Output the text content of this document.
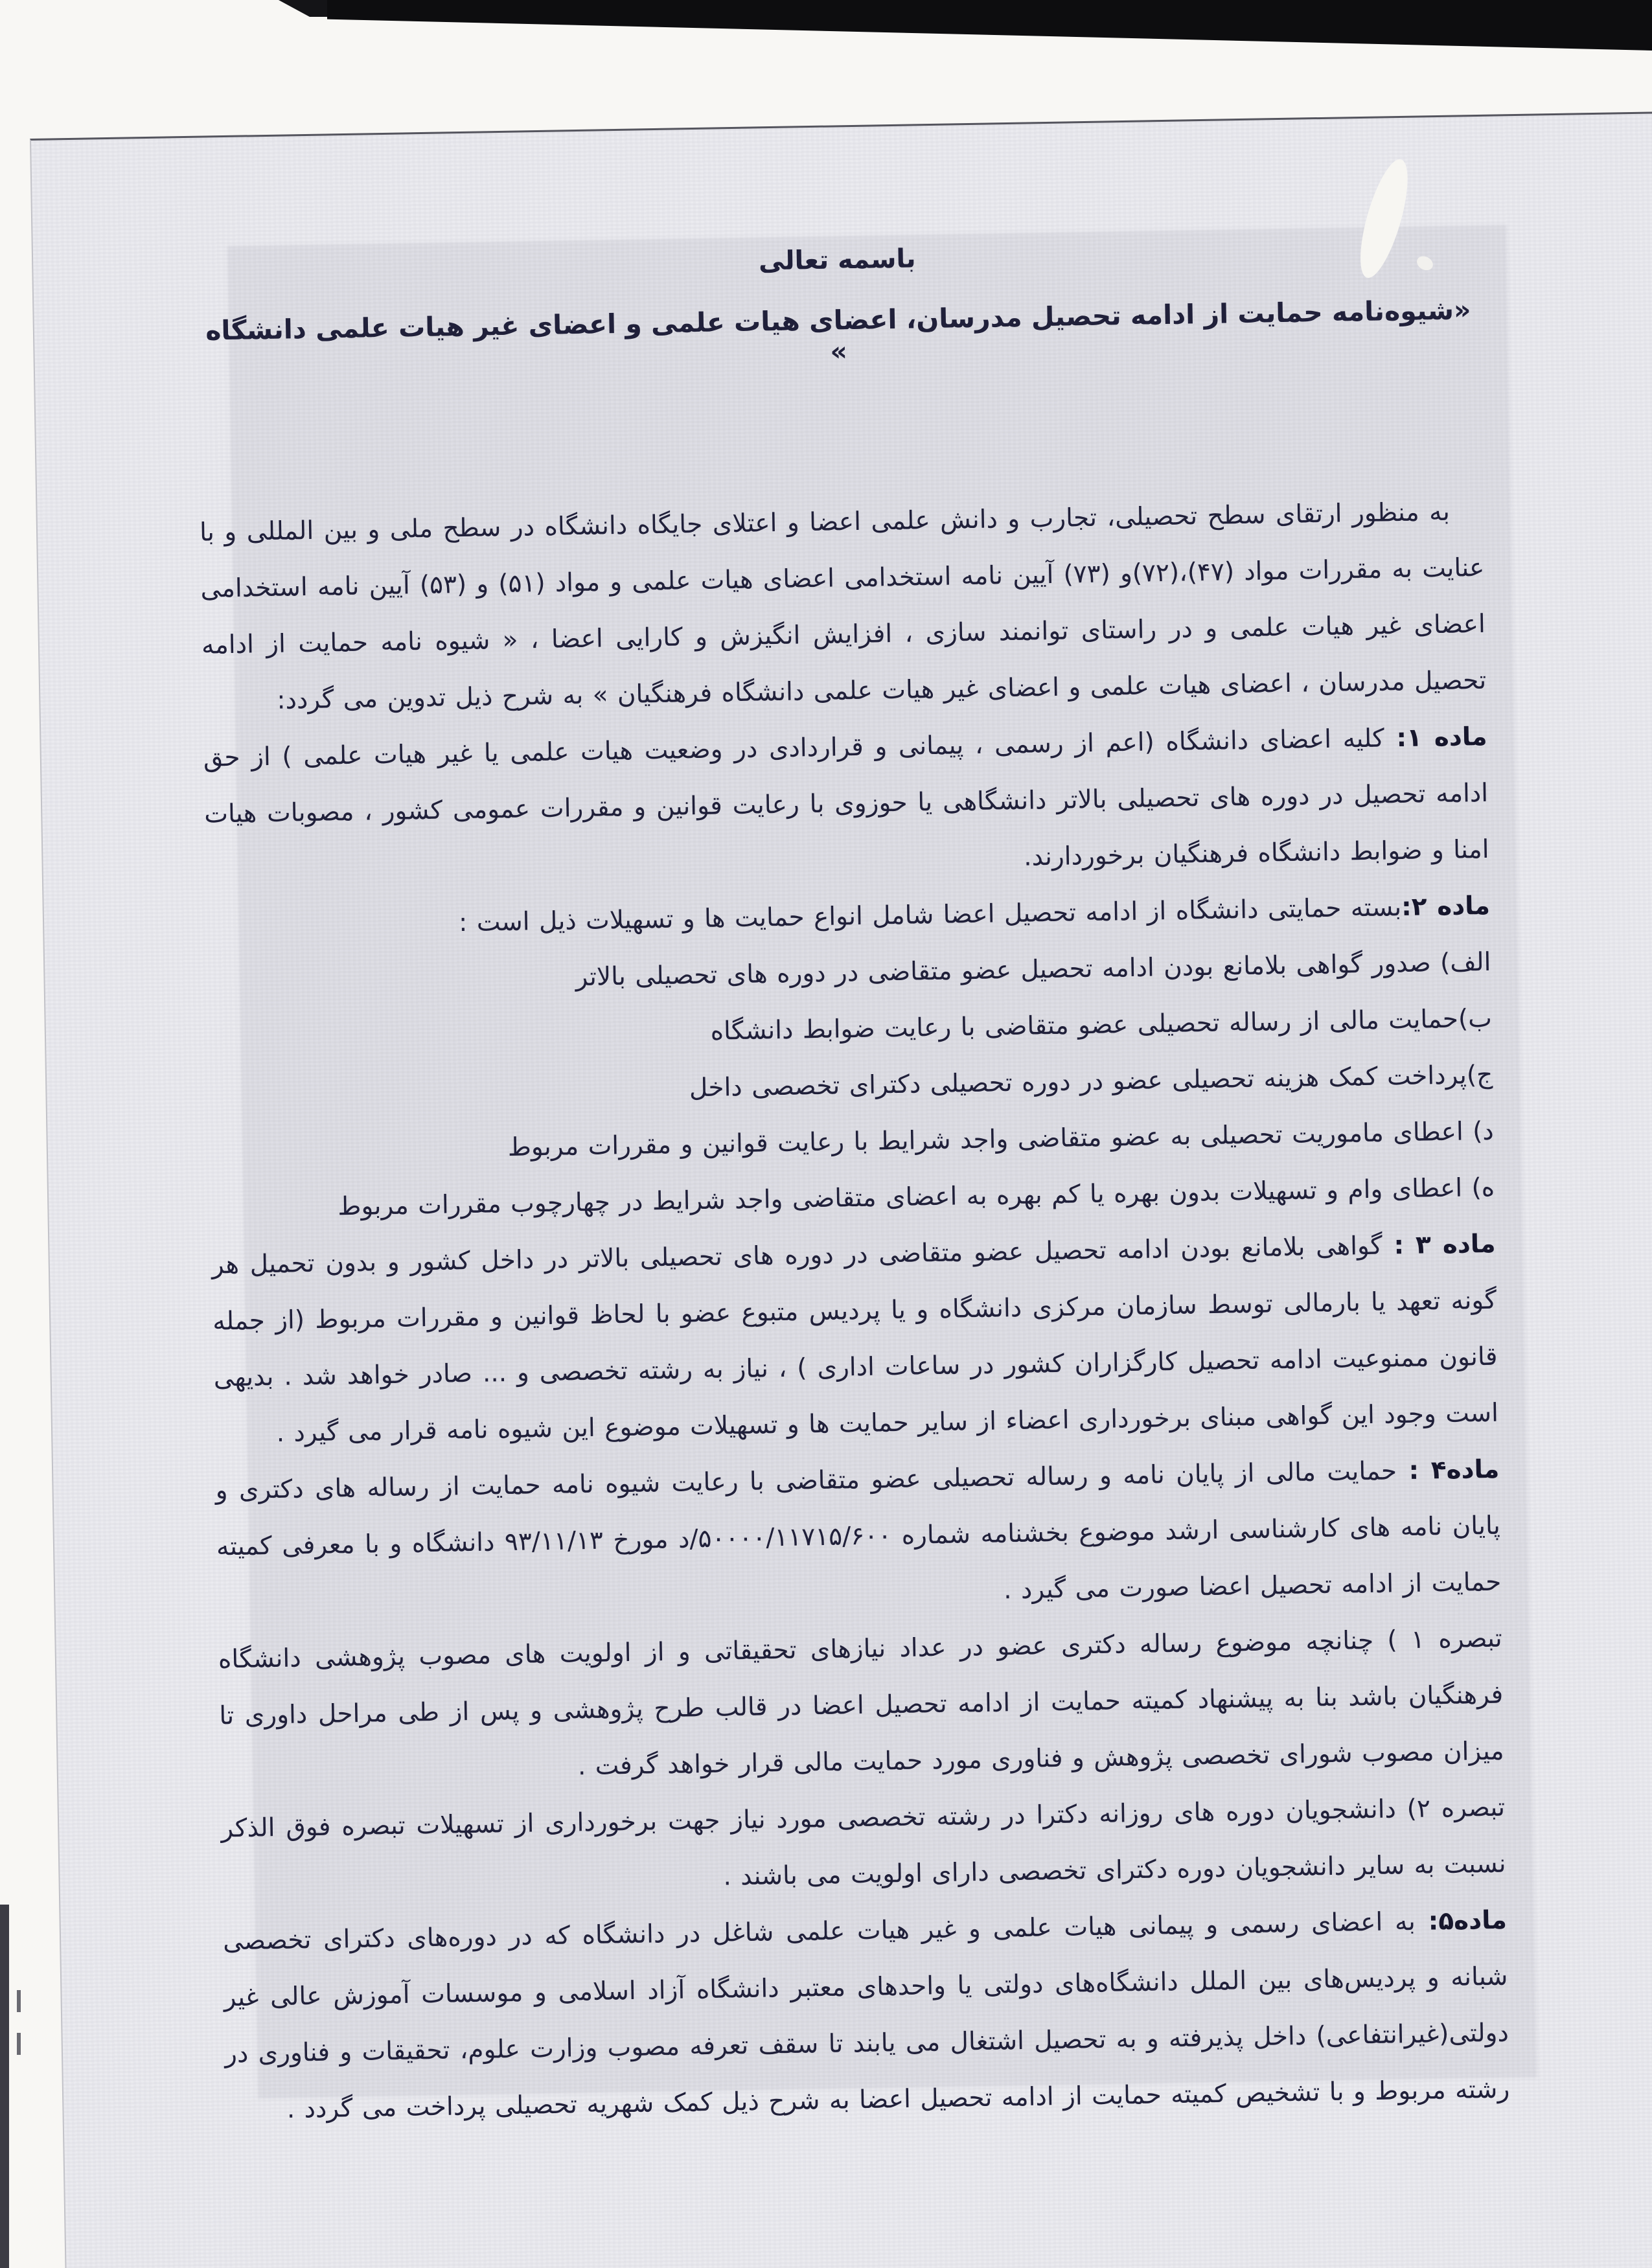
باسمه تعالی
«شیوه‌نامه حمایت از ادامه تحصیل مدرسان، اعضای هیات علمی و اعضای غیر هیات علمی دانشگاه »

به منظور ارتقای سطح تحصیلی، تجارب و دانش علمی اعضا و اعتلای جایگاه دانشگاه در سطح ملی و بین المللی و با عنایت به مقررات مواد (۴۷)،(۷۲)و (۷۳) آیین نامه استخدامی اعضای هیات علمی و مواد (۵۱) و (۵۳) آیین نامه استخدامی اعضای غیر هیات علمی و در راستای توانمند سازی ، افزایش انگیزش و کارایی اعضا ، « شیوه نامه حمایت از ادامه تحصیل مدرسان ، اعضای هیات علمی و اعضای غیر هیات علمی دانشگاه فرهنگیان » به شرح ذیل تدوین می گردد:

ماده ۱: کلیه اعضای دانشگاه (اعم از رسمی ، پیمانی و قراردادی در وضعیت هیات علمی یا غیر هیات علمی ) از حق ادامه تحصیل در دوره های تحصیلی بالاتر دانشگاهی یا حوزوی با رعایت قوانین و مقررات عمومی کشور ، مصوبات هیات امنا و ضوابط دانشگاه فرهنگیان برخوردارند.

ماده ۲:بسته حمایتی دانشگاه از ادامه تحصیل اعضا شامل انواع حمایت ها و تسهیلات ذیل است :

الف) صدور گواهی بلامانع بودن ادامه تحصیل عضو متقاضی در دوره های تحصیلی بالاتر

ب)حمایت مالی از رساله تحصیلی عضو متقاضی با رعایت ضوابط دانشگاه

ج)پرداخت کمک هزینه تحصیلی عضو در دوره تحصیلی دکترای تخصصی داخل

د) اعطای ماموریت تحصیلی به عضو متقاضی واجد شرایط با رعایت قوانین و مقررات مربوط

ه) اعطای وام و تسهیلات بدون بهره یا کم بهره به اعضای متقاضی واجد شرایط در چهارچوب مقررات مربوط

ماده ۳ : گواهی بلامانع بودن ادامه تحصیل عضو متقاضی در دوره های تحصیلی بالاتر در داخل کشور و بدون تحمیل هر گونه تعهد یا بارمالی توسط سازمان مرکزی دانشگاه و یا پردیس متبوع عضو با لحاظ قوانین و مقررات مربوط (از جمله قانون ممنوعیت ادامه تحصیل کارگزاران کشور در ساعات اداری ) ، نیاز به رشته تخصصی و ... صادر خواهد شد . بدیهی است وجود این گواهی مبنای برخورداری اعضاء از سایر حمایت ها و تسهیلات موضوع این شیوه نامه قرار می گیرد .

ماده۴ : حمایت مالی از پایان نامه و رساله تحصیلی عضو متقاضی با رعایت شیوه نامه حمایت از رساله های دکتری و پایان نامه های کارشناسی ارشد موضوع بخشنامه شماره ۵۰۰۰۰/۱۱۷۱۵/۶۰۰/د مورخ ۹۳/۱۱/۱۳ دانشگاه و با معرفی کمیته حمایت از ادامه تحصیل اعضا صورت می گیرد .

تبصره ۱ ) چنانچه موضوع رساله دکتری عضو در عداد نیازهای تحقیقاتی و از اولویت های مصوب پژوهشی دانشگاه فرهنگیان باشد بنا به پیشنهاد کمیته حمایت از ادامه تحصیل اعضا در قالب طرح پژوهشی و پس از طی مراحل داوری تا میزان مصوب شورای تخصصی پژوهش و فناوری مورد حمایت مالی قرار خواهد گرفت .

تبصره ۲) دانشجویان دوره های روزانه دکترا در رشته تخصصی مورد نیاز جهت برخورداری از تسهیلات تبصره فوق الذکر نسبت به سایر دانشجویان دوره دکترای تخصصی دارای اولویت می باشند .

ماده۵: به اعضای رسمی و پیمانی هیات علمی و غیر هیات علمی شاغل در دانشگاه که در دوره‌های دکترای تخصصی شبانه و پردیس‌های بین الملل دانشگاه‌های دولتی یا واحدهای معتبر دانشگاه آزاد اسلامی و موسسات آموزش عالی غیر دولتی(غیرانتفاعی) داخل پذیرفته و به تحصیل اشتغال می یابند تا سقف تعرفه مصوب وزارت علوم، تحقیقات و فناوری در رشته مربوط و با تشخیص کمیته حمایت از ادامه تحصیل اعضا به شرح ذیل کمک شهریه تحصیلی پرداخت می گردد .
